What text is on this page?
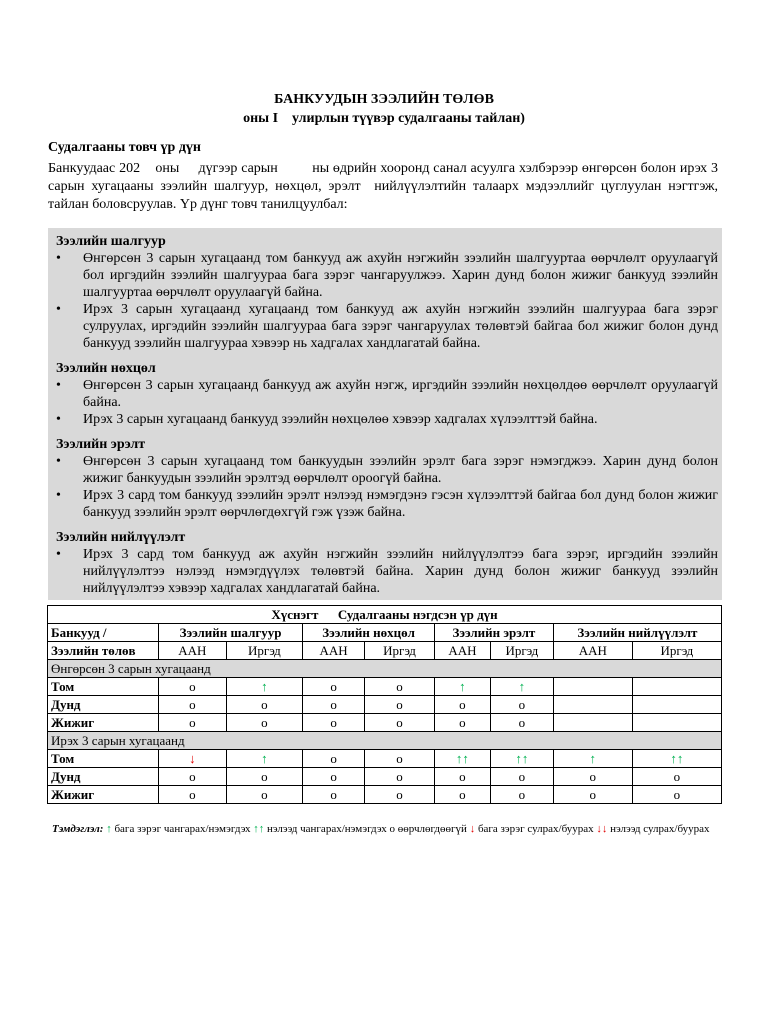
БАНКУУДЫН ЗЭЭЛИЙН ТӨЛӨВ
оны I    улирлын түүвэр судалгааны тайлан)
Судалгааны товч үр дүн
Банкуудаас 202    оны     дүгээр сарын         ны өдрийн хооронд санал асуулга хэлбэрээр өнгөрсөн болон ирэх 3 сарын хугацааны зээлийн шалгуур, нөхцөл, эрэлт  нийлүүлэлтийн талаарх мэдээллийг цуглуулан нэгтгэж, тайлан боловсруулав. Үр дүнг товч танилцуулбал:
Зээлийн шалгуур
• Өнгөрсөн 3 сарын хугацаанд том банкууд аж ахуйн нэгжийн зээлийн шалгууртаа өөрчлөлт оруулаагүй бол иргэдийн зээлийн шалгуураа бага зэрэг чангаруулжээ. Харин дунд болон жижиг банкууд зээлийн шалгууртаа өөрчлөлт оруулаагүй байна.
• Ирэх 3 сарын хугацаанд хугацаанд том банкууд аж ахуйн нэгжийн зээлийн шалгуураа бага зэрэг сулруулах, иргэдийн зээлийн шалгуураа бага зэрэг чангаруулах төлөвтэй байгаа бол жижиг болон дунд банкууд зээлийн шалгуураа хэвээр нь хадгалах хандлагатай байна.
Зээлийн нөхцөл
• Өнгөрсөн 3 сарын хугацаанд банкууд аж ахуйн нэгж, иргэдийн зээлийн нөхцөлдөө өөрчлөлт оруулаагүй байна.
• Ирэх 3 сарын хугацаанд банкууд зээлийн нөхцөлөө хэвээр хадгалах хүлээлттэй байна.
Зээлийн эрэлт
• Өнгөрсөн 3 сарын хугацаанд том банкуудын зээлийн эрэлт бага зэрэг нэмэгджээ. Харин дунд болон жижиг банкуудын зээлийн эрэлтэд өөрчлөлт ороогүй байна.
• Ирэх 3 сард том банкууд зээлийн эрэлт нэлээд нэмэгдэнэ гэсэн хүлээлттэй байгаа бол дунд болон жижиг банкууд зээлийн эрэлт өөрчлөгдөхгүй гэж үзэж байна.
Зээлийн нийлүүлэлт
• Ирэх 3 сард том банкууд аж ахуйн нэгжийн зээлийн нийлүүлэлтээ бага зэрэг, иргэдийн зээлийн нийлүүлэлтээ нэлээд нэмэгдүүлэх төлөвтэй байна. Харин дунд болон жижиг банкууд зээлийн нийлүүлэлтээ хэвээр хадгалах хандлагатай байна.
Хүснэгт      Судалгааны нэгдсэн үр дүн								
Банкууд /	Зээлийн шалгуур		Зээлийн нөхцөл		Зээлийн эрэлт		Зээлийн нийлүүлэлт	
Зээлийн төлөв	ААН	Иргэд	ААН	Иргэд	ААН	Иргэд	ААН	Иргэд
Өнгөрсөн 3 сарын хугацаанд								
Том	o	↑	o	o	↑	↑		
Дунд	o	o	o	o	o	o		
Жижиг	o	o	o	o	o	o		
Ирэх 3 сарын хугацаанд								
Том	↓	↑	o	o	↑↑	↑↑	↑	↑↑
Дунд	o	o	o	o	o	o	o	o
Жижиг	o	o	o	o	o	o	o	o
Тэмдэглэл: ↑ бага зэрэг чангарах/нэмэгдэх ↑↑ нэлээд чангарах/нэмэгдэх o өөрчлөгдөөгүй ↓ бага зэрэг сулрах/буурах ↓↓ нэлээд сулрах/буурах
